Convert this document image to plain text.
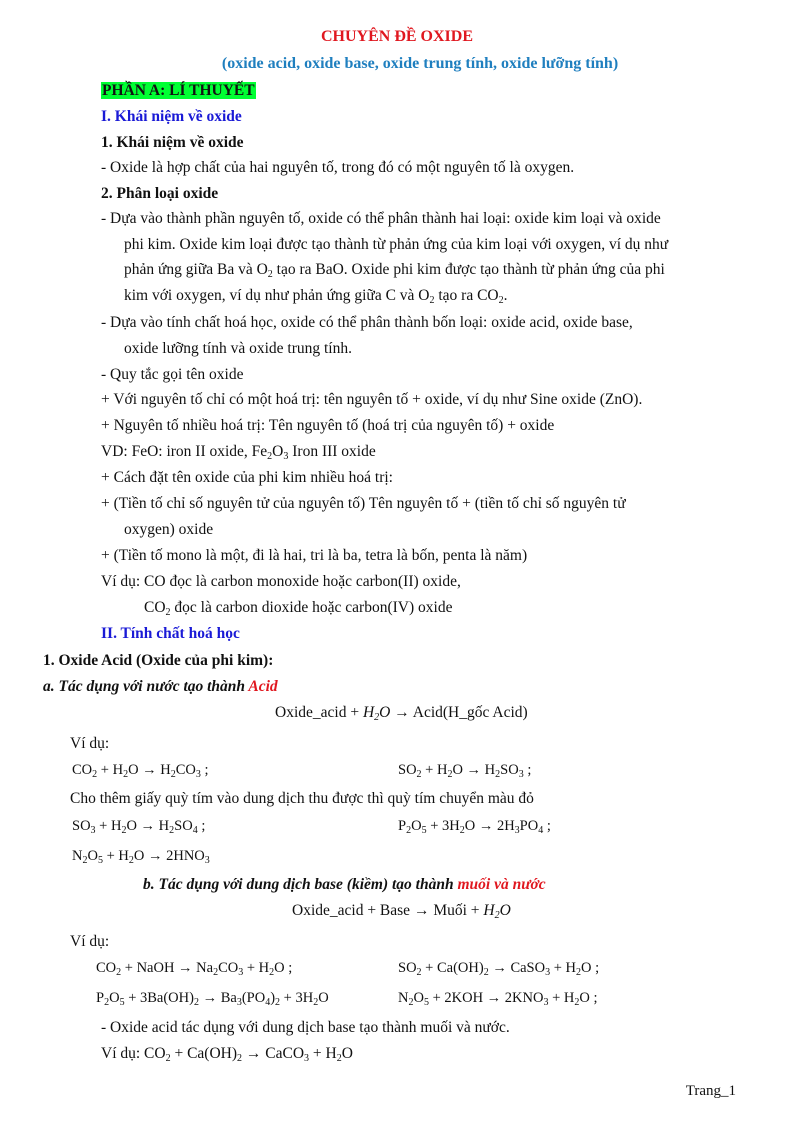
CHUYÊN ĐỀ OXIDE
(oxide acid, oxide base, oxide trung tính, oxide lưỡng tính)
PHẦN A: LÍ THUYẾT
I. Khái niệm về oxide
1. Khái niệm về oxide
- Oxide là hợp chất của hai nguyên tố, trong đó có một nguyên tố là oxygen.
2. Phân loại oxide
- Dựa vào thành phần nguyên tố, oxide có thể phân thành hai loại: oxide kim loại và oxide
phi kim. Oxide kim loại được tạo thành từ phản ứng của kim loại với oxygen, ví dụ như
phản ứng giữa Ba và $O_2$ tạo ra BaO. Oxide phi kim được tạo thành từ phản ứng của phi
kim với oxygen, ví dụ như phản ứng giữa C và $O_2$ tạo ra $CO_2$.
- Dựa vào tính chất hoá học, oxide có thể phân thành bốn loại: oxide acid, oxide base,
oxide lưỡng tính và oxide trung tính.
- Quy tắc gọi tên oxide
+ Với nguyên tố chỉ có một hoá trị: tên nguyên tố + oxide, ví dụ như Sine oxide (ZnO).
+ Nguyên tố nhiều hoá trị: Tên nguyên tố (hoá trị của nguyên tố) + oxide
VD: FeO: iron II oxide, $Fe_2O_3$ Iron III oxide
+ Cách đặt tên oxide của phi kim nhiều hoá trị:
+ (Tiền tố chỉ số nguyên tử của nguyên tố) Tên nguyên tố + (tiền tố chỉ số nguyên tử
oxygen) oxide
+ (Tiền tố mono là một, đi là hai, tri là ba, tetra là bốn, penta là năm)
Ví dụ: CO đọc là carbon monoxide hoặc carbon(II) oxide,
$CO_2$ đọc là carbon dioxide hoặc carbon(IV) oxide
II. Tính chất hoá học
1. Oxide Acid (Oxide của phi kim):
a. Tác dụng với nước tạo thành Acid
Oxide_acid + $H_2O$ → Acid(H_gốc Acid)
Ví dụ:
$CO_2 + H_2O \to H_2CO_3$ ;	$SO_2 + H_2O \to H_2SO_3$ ;
Cho thêm giấy quỳ tím vào dung dịch thu được thì quỳ tím chuyển màu đỏ
$SO_3 + H_2O \to H_2SO_4$ ;	$P_2O_5 + 3H_2O \to 2H_3PO_4$ ;
$N_2O_5 + H_2O \to 2HNO_3$
b. Tác dụng với dung dịch base (kiềm) tạo thành muối và nước
Oxide_acid + Base → Muối + $H_2O$
Ví dụ:
$CO_2$ + NaOH → $Na_2CO_3 + H_2O$ ;	$SO_2 + Ca(OH)_2$ → CaSO$_3$ + $H_2O$ ;
$P_2O_5 + 3Ba(OH)_2 \to Ba_3(PO_4)_2 + 3H_2O$	$N_2O_5 + 2KOH \to 2KNO_3 + H_2O$ ;
- Oxide acid tác dụng với dung dịch base tạo thành muối và nước.
Ví dụ: $CO_2 + Ca(OH)_2$ → CaCO$_3$ + $H_2O$
Trang_1
